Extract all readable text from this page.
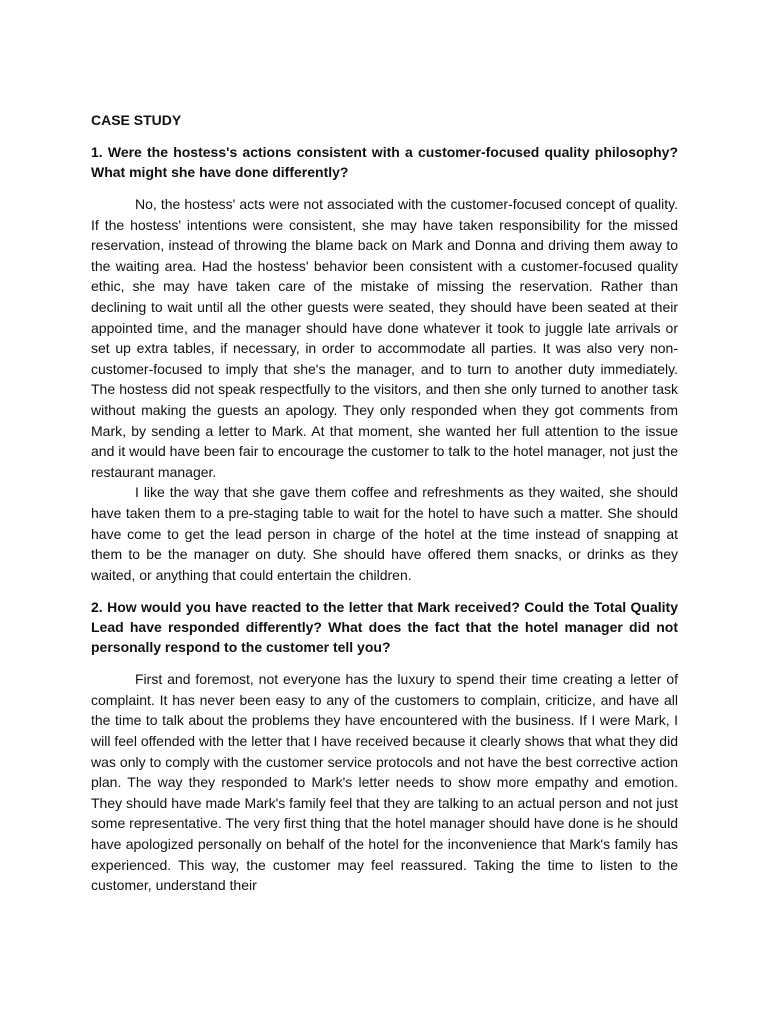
CASE STUDY

1. Were the hostess's actions consistent with a customer-focused quality philosophy? What might she have done differently?

No, the hostess' acts were not associated with the customer-focused concept of quality. If the hostess' intentions were consistent, she may have taken responsibility for the missed reservation, instead of throwing the blame back on Mark and Donna and driving them away to the waiting area. Had the hostess' behavior been consistent with a customer-focused quality ethic, she may have taken care of the mistake of missing the reservation. Rather than declining to wait until all the other guests were seated, they should have been seated at their appointed time, and the manager should have done whatever it took to juggle late arrivals or set up extra tables, if necessary, in order to accommodate all parties. It was also very non-customer-focused to imply that she's the manager, and to turn to another duty immediately. The hostess did not speak respectfully to the visitors, and then she only turned to another task without making the guests an apology. They only responded when they got comments from Mark, by sending a letter to Mark. At that moment, she wanted her full attention to the issue and it would have been fair to encourage the customer to talk to the hotel manager, not just the restaurant manager.

I like the way that she gave them coffee and refreshments as they waited, she should have taken them to a pre-staging table to wait for the hotel to have such a matter. She should have come to get the lead person in charge of the hotel at the time instead of snapping at them to be the manager on duty. She should have offered them snacks, or drinks as they waited, or anything that could entertain the children.

2. How would you have reacted to the letter that Mark received? Could the Total Quality Lead have responded differently? What does the fact that the hotel manager did not personally respond to the customer tell you?

First and foremost, not everyone has the luxury to spend their time creating a letter of complaint. It has never been easy to any of the customers to complain, criticize, and have all the time to talk about the problems they have encountered with the business. If I were Mark, I will feel offended with the letter that I have received because it clearly shows that what they did was only to comply with the customer service protocols and not have the best corrective action plan. The way they responded to Mark's letter needs to show more empathy and emotion. They should have made Mark's family feel that they are talking to an actual person and not just some representative. The very first thing that the hotel manager should have done is he should have apologized personally on behalf of the hotel for the inconvenience that Mark's family has experienced. This way, the customer may feel reassured. Taking the time to listen to the customer, understand their
